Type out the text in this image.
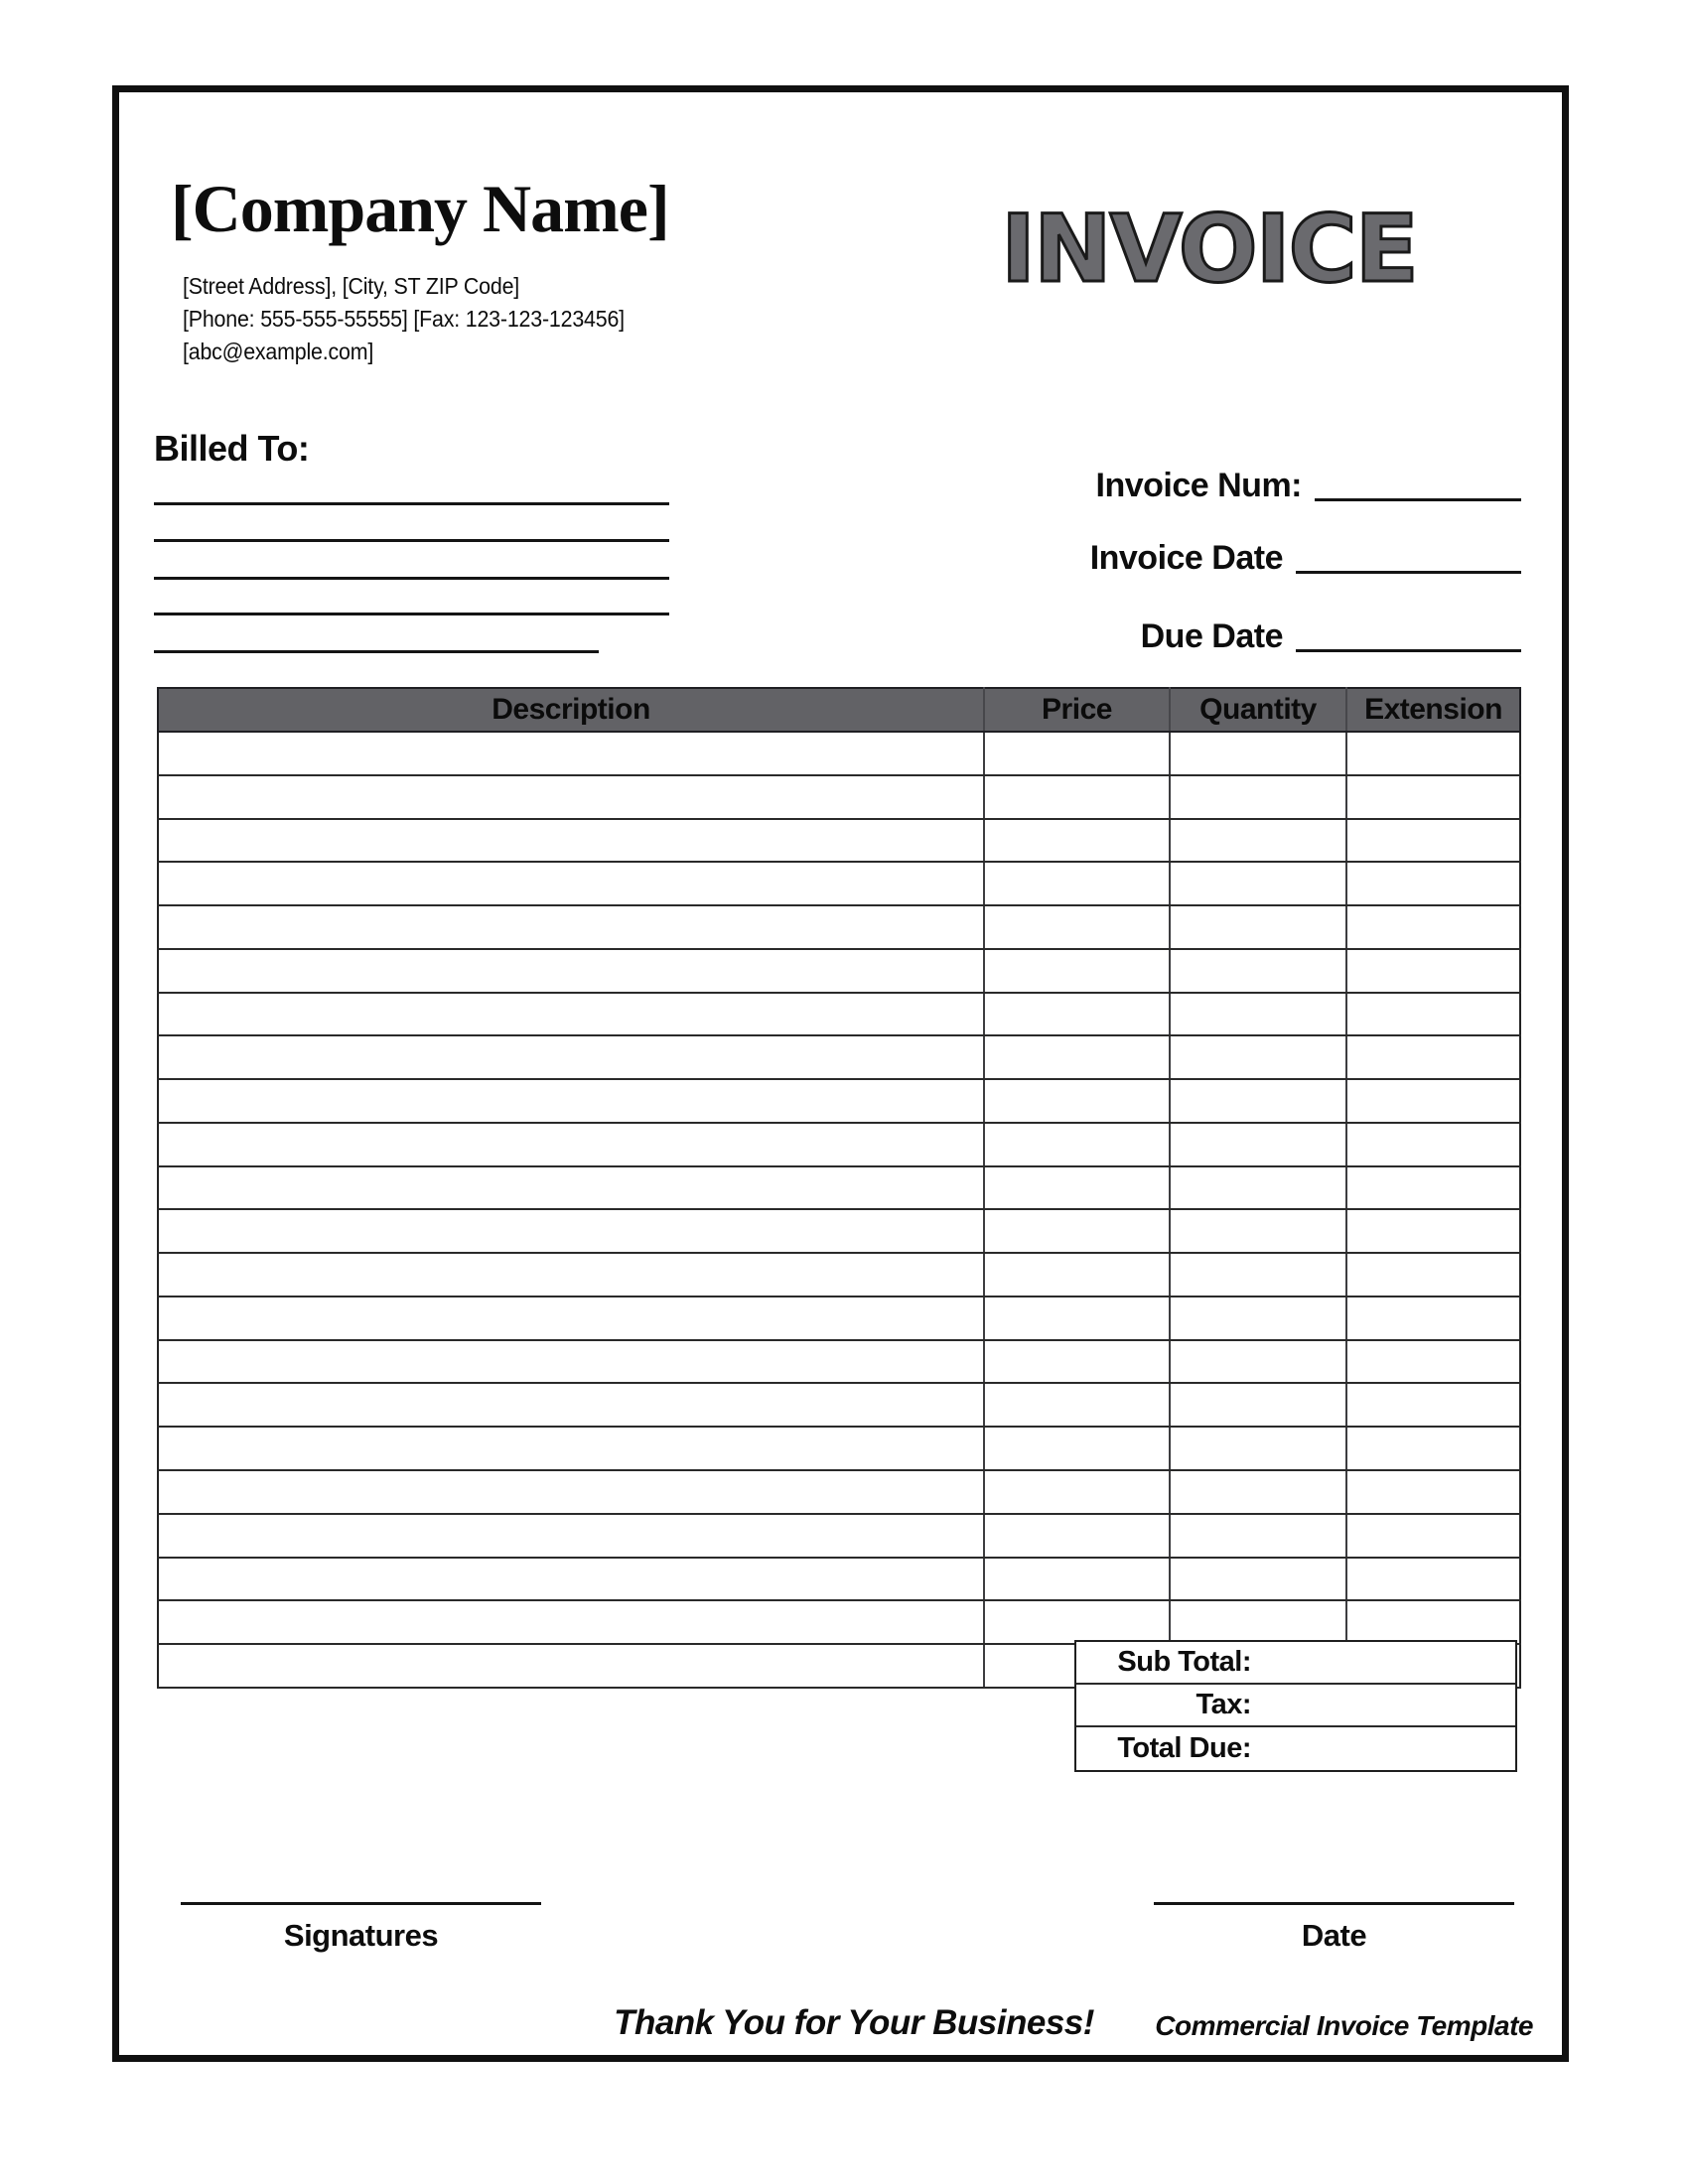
[Company Name]
[Street Address], [City, ST ZIP Code]
[Phone: 555-555-55555] [Fax: 123-123-123456]
[abc@example.com]
INVOICE
Billed To:
Invoice Num:
Invoice Date
Due Date
Description	Price	Quantity	Extension

Sub Total:
Tax:
Total Due:
Signatures	Date
Thank You for Your Business!	Commercial Invoice Template
